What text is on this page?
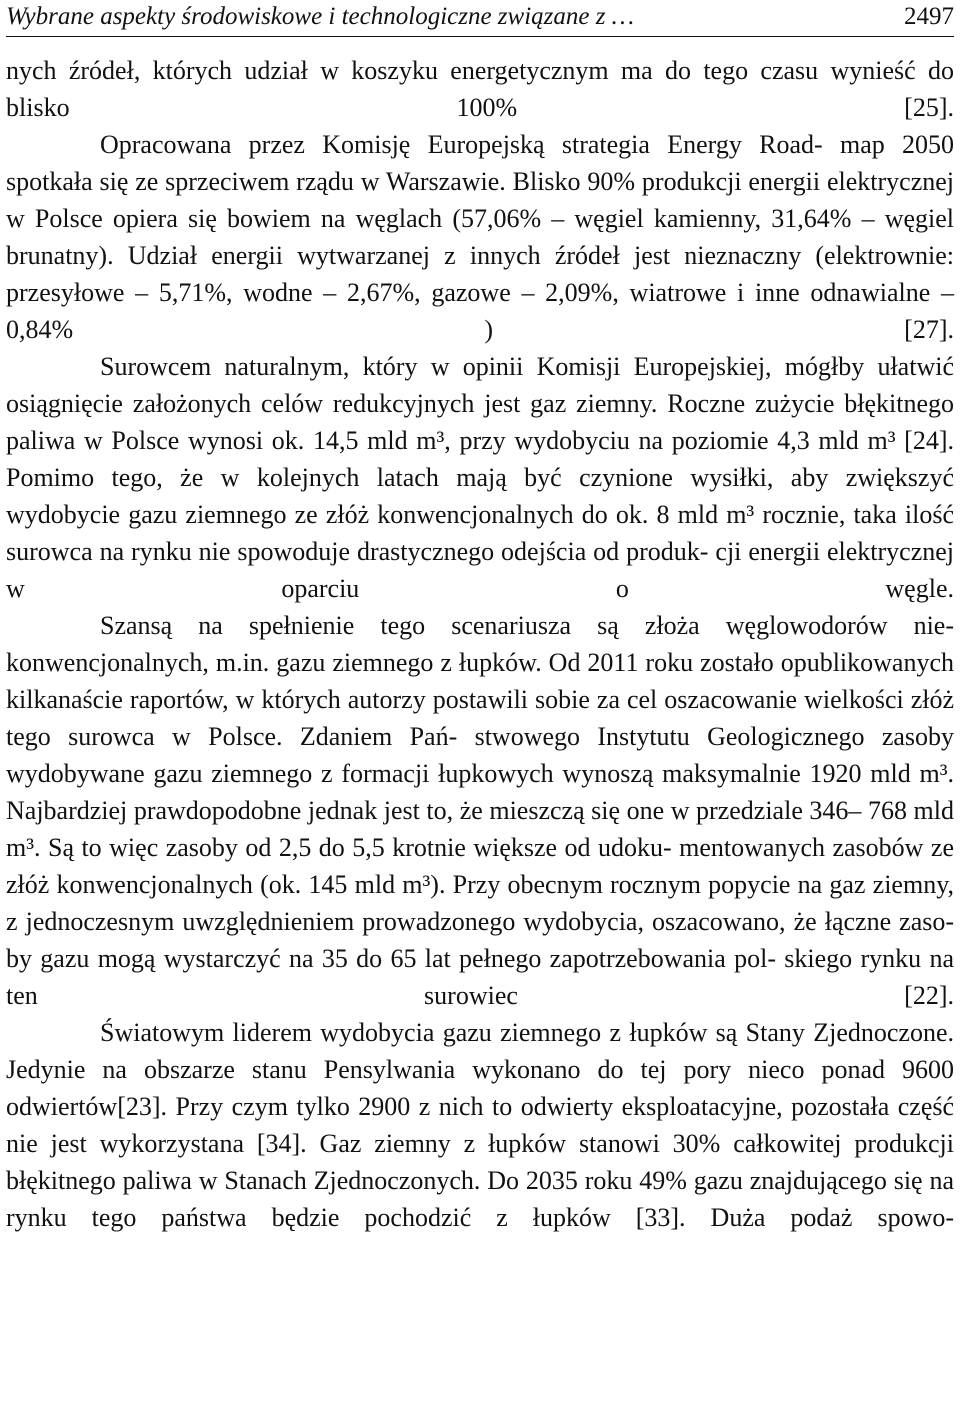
Wybrane aspekty środowiskowe i technologiczne związane z …	2497

nych źródeł, których udział w koszyku energetycznym ma do tego czasu wynieść do blisko 100% [25].

Opracowana przez Komisję Europejską strategia Energy Road- map 2050 spotkała się ze sprzeciwem rządu w Warszawie. Blisko 90% produkcji energii elektrycznej w Polsce opiera się bowiem na węglach (57,06% – węgiel kamienny, 31,64% – węgiel brunatny). Udział energii wytwarzanej z innych źródeł jest nieznaczny (elektrownie: przesyłowe – 5,71%, wodne – 2,67%, gazowe – 2,09%, wiatrowe i inne odnawialne – 0,84% ) [27].

Surowcem naturalnym, który w opinii Komisji Europejskiej, mógłby ułatwić osiągnięcie założonych celów redukcyjnych jest gaz ziemny. Roczne zużycie błękitnego paliwa w Polsce wynosi ok. 14,5 mld m³, przy wydobyciu na poziomie 4,3 mld m³ [24]. Pomimo tego, że w kolejnych latach mają być czynione wysiłki, aby zwiększyć wydobycie gazu ziemnego ze złóż konwencjonalnych do ok. 8 mld m³ rocznie, taka ilość surowca na rynku nie spowoduje drastycznego odejścia od produk- cji energii elektrycznej w oparciu o węgle.

Szansą na spełnienie tego scenariusza są złoża węglowodorów nie- konwencjonalnych, m.in. gazu ziemnego z łupków. Od 2011 roku zostało opublikowanych kilkanaście raportów, w których autorzy postawili sobie za cel oszacowanie wielkości złóż tego surowca w Polsce. Zdaniem Pań- stwowego Instytutu Geologicznego zasoby wydobywane gazu ziemnego z formacji łupkowych wynoszą maksymalnie 1920 mld m³. Najbardziej prawdopodobne jednak jest to, że mieszczą się one w przedziale 346– 768 mld m³. Są to więc zasoby od 2,5 do 5,5 krotnie większe od udoku- mentowanych zasobów ze złóż konwencjonalnych (ok. 145 mld m³). Przy obecnym rocznym popycie na gaz ziemny, z jednoczesnym uwzględnieniem prowadzonego wydobycia, oszacowano, że łączne zaso- by gazu mogą wystarczyć na 35 do 65 lat pełnego zapotrzebowania pol- skiego rynku na ten surowiec [22].

Światowym liderem wydobycia gazu ziemnego z łupków są Stany Zjednoczone. Jedynie na obszarze stanu Pensylwania wykonano do tej pory nieco ponad 9600 odwiertów[23]. Przy czym tylko 2900 z nich to odwierty eksploatacyjne, pozostała część nie jest wykorzystana [34]. Gaz ziemny z łupków stanowi 30% całkowitej produkcji błękitnego paliwa w Stanach Zjednoczonych. Do 2035 roku 49% gazu znajdującego się na rynku tego państwa będzie pochodzić z łupków [33]. Duża podaż spowo-
